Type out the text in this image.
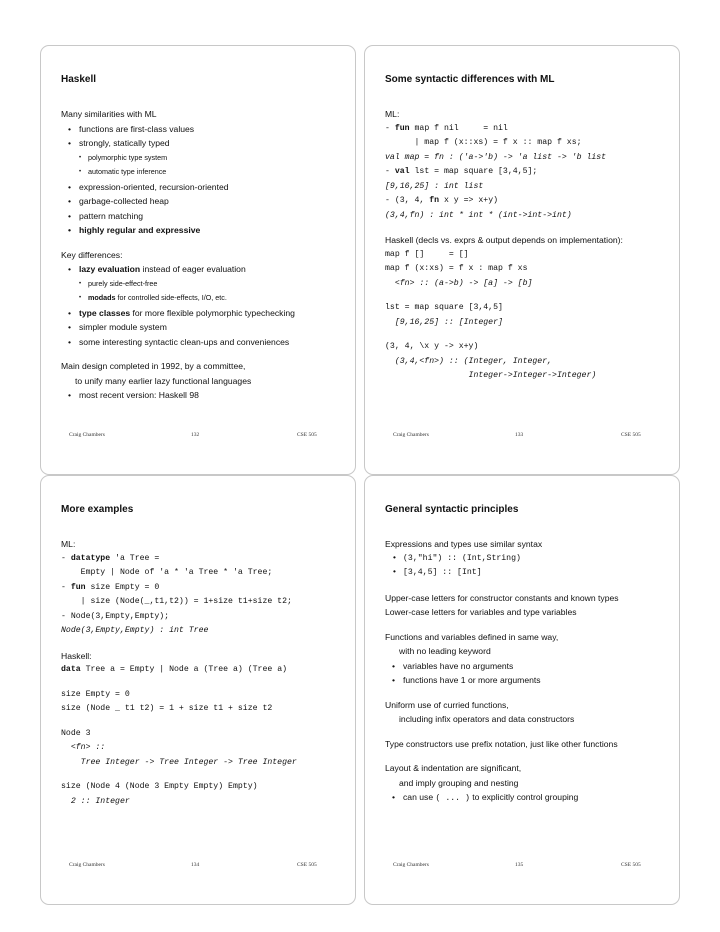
Haskell

Many similarities with ML

• functions are first-class values

• strongly, statically typed

• polymorphic type system

• automatic type inference

• expression-oriented, recursion-oriented

• garbage-collected heap

• pattern matching

• highly regular and expressive

Key differences:

• lazy evaluation instead of eager evaluation

• purely side-effect-free

• modads for controlled side-effects, I/O, etc.

• type classes for more flexible polymorphic typechecking

• simpler module system

• some interesting syntactic clean-ups and conveniences

Main design completed in 1992, by a committee,

to unify many earlier lazy functional languages

• most recent version: Haskell 98

Craig Chambers	132	CSE 505
Some syntactic differences with ML

ML:

- fun map f nil     = nil

| map f (x::xs) = f x :: map f xs;

val map = fn : ('a->'b) -> 'a list -> 'b list

- val lst = map square [3,4,5];

[9,16,25] : int list

- (3, 4, fn x y => x+y)

(3,4,fn) : int * int * (int->int->int)

Haskell (decls vs. exprs & output depends on implementation):

map f []     = []

map f (x:xs) = f x : map f xs

<fn> :: (a->b) -> [a] -> [b]

lst = map square [3,4,5]

[9,16,25] :: [Integer]

(3, 4, \x y -> x+y)

(3,4,<fn>) :: (Integer, Integer,

Integer->Integer->Integer)

Craig Chambers	133	CSE 505
More examples

ML:

- datatype 'a Tree =

Empty | Node of 'a * 'a Tree * 'a Tree;

- fun size Empty = 0

| size (Node(_,t1,t2)) = 1+size t1+size t2;

- Node(3,Empty,Empty);

Node(3,Empty,Empty) : int Tree

Haskell:

data Tree a = Empty | Node a (Tree a) (Tree a)

size Empty = 0

size (Node _ t1 t2) = 1 + size t1 + size t2

Node 3

<fn> ::

Tree Integer -> Tree Integer -> Tree Integer

size (Node 4 (Node 3 Empty Empty) Empty)

2 :: Integer

Craig Chambers	134	CSE 505
General syntactic principles

Expressions and types use similar syntax

• (3,"hi") :: (Int,String)

• [3,4,5] :: [Int]

Upper-case letters for constructor constants and known types

Lower-case letters for variables and type variables

Functions and variables defined in same way,

with no leading keyword

• variables have no arguments

• functions have 1 or more arguments

Uniform use of curried functions,

including infix operators and data constructors

Type constructors use prefix notation, just like other functions

Layout & indentation are significant,

and imply grouping and nesting

• can use ( ... ) to explicitly control grouping

Craig Chambers	135	CSE 505
